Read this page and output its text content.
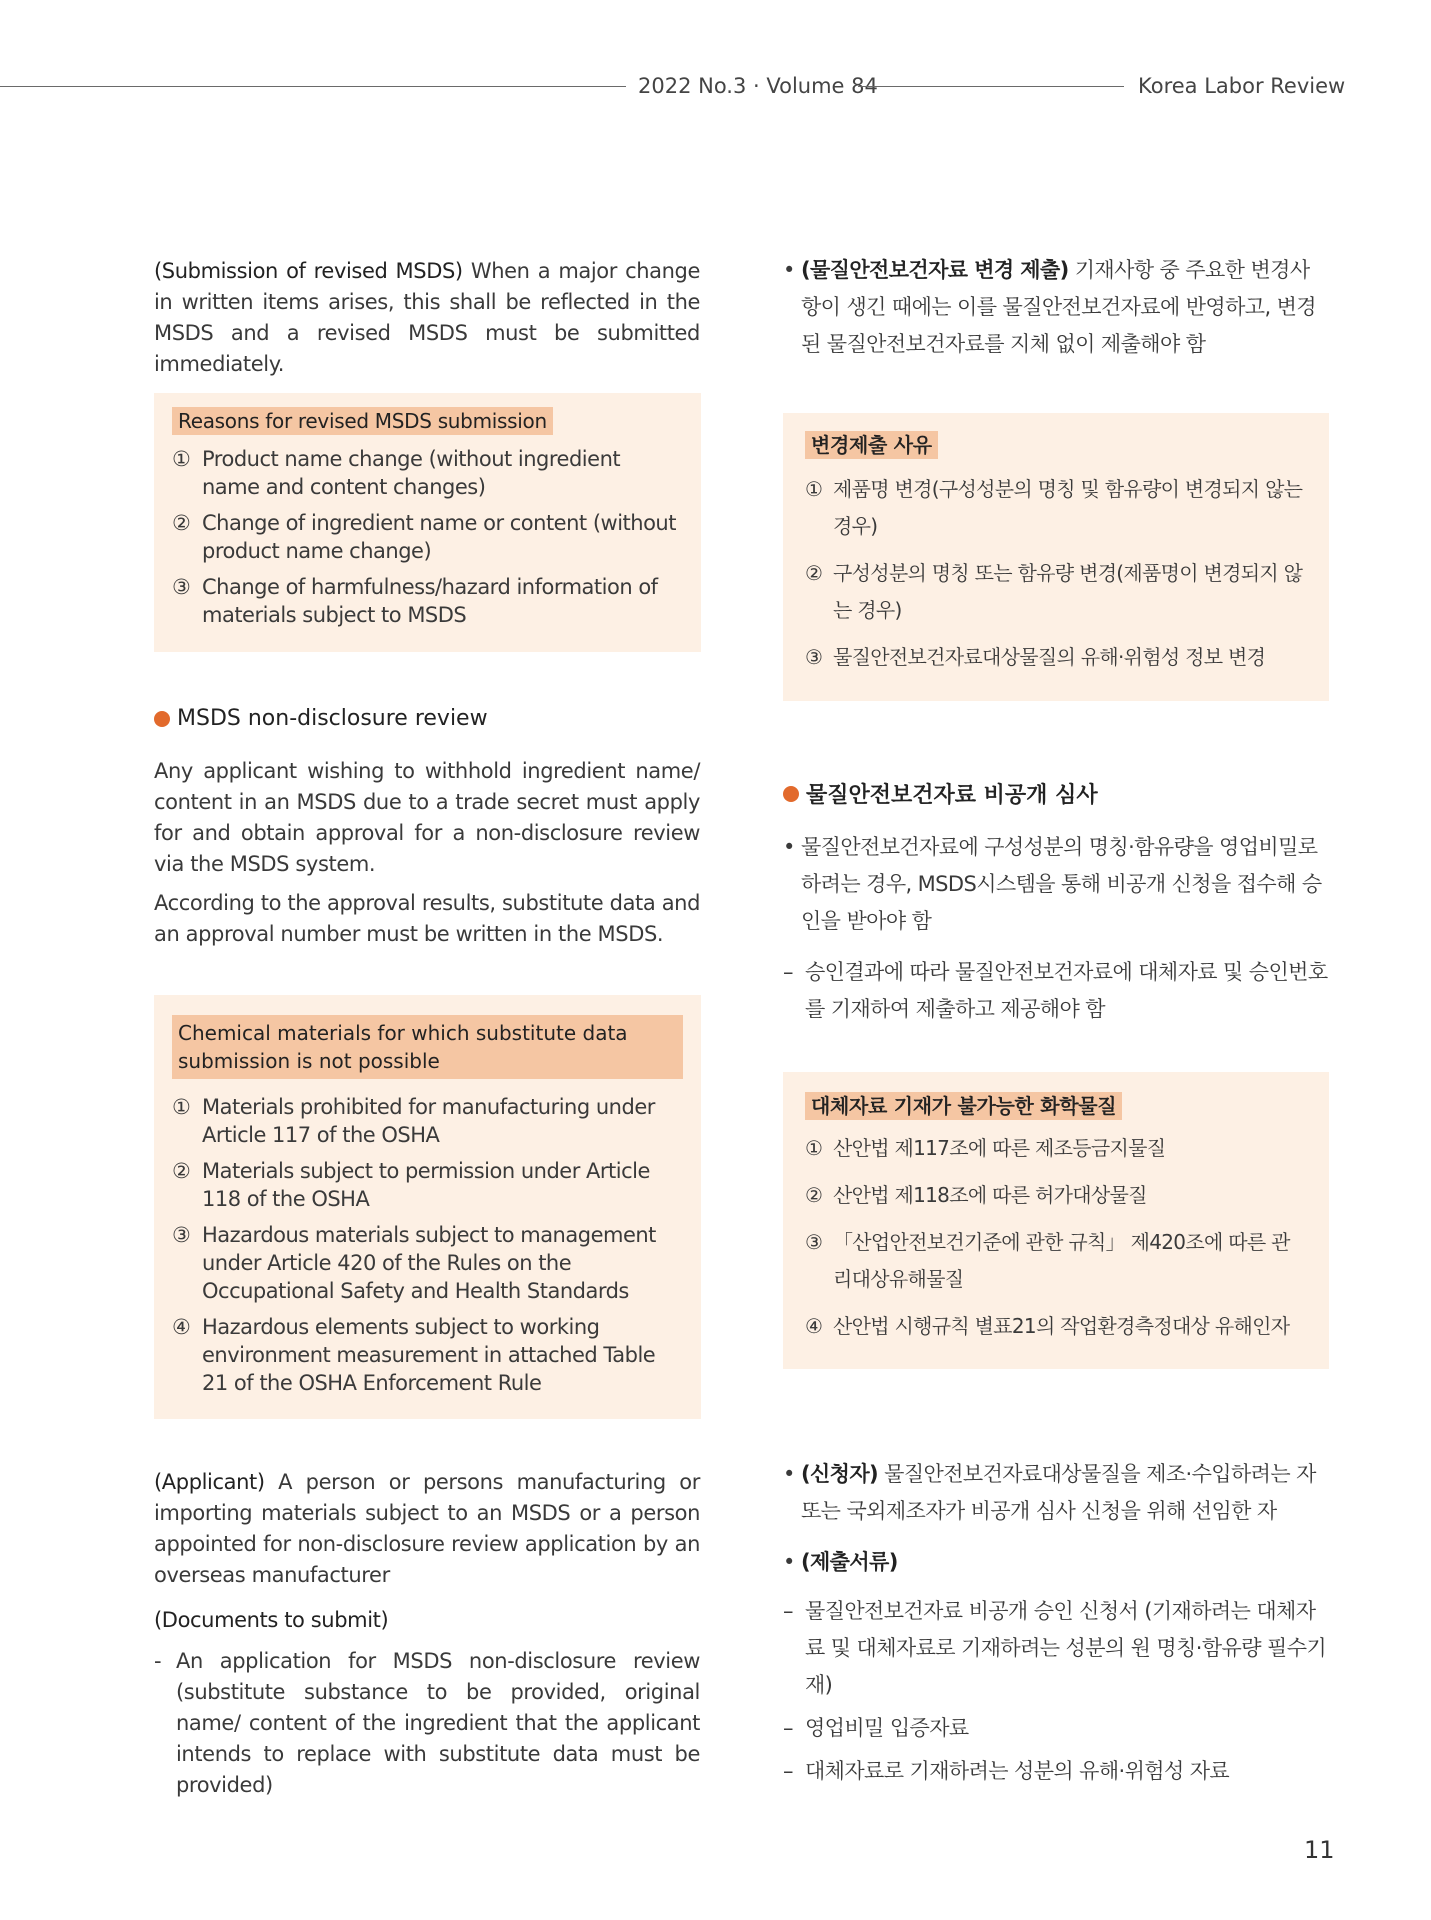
2022 No.3 · Volume 84	Korea Labor Review

(Submission of revised MSDS) When a major change in written items arises, this shall be reflected in the MSDS and a revised MSDS must be submitted immediately.

Reasons for revised MSDS submission
① Product name change (without ingredient name and content changes)
② Change of ingredient name or content (without product name change)
③ Change of harmfulness/hazard information of materials subject to MSDS
MSDS non-disclosure review

Any applicant wishing to withhold ingredient name/ content in an MSDS due to a trade secret must apply for and obtain approval for a non-disclosure review via the MSDS system.

According to the approval results, substitute data and an approval number must be written in the MSDS.

Chemical materials for which substitute data submission is not possible
① Materials prohibited for manufacturing under Article 117 of the OSHA
② Materials subject to permission under Article 118 of the OSHA
③ Hazardous materials subject to management under Article 420 of the Rules on the Occupational Safety and Health Standards
④ Hazardous elements subject to working environment measurement in attached Table 21 of the OSHA Enforcement Rule

(Applicant) A person or persons manufacturing or importing materials subject to an MSDS or a person appointed for non-disclosure review application by an overseas manufacturer

(Documents to submit)

- An application for MSDS non-disclosure review (substitute substance to be provided, original name/ content of the ingredient that the applicant intends to replace with substitute data must be provided)
• (물질안전보건자료 변경 제출) 기재사항 중 주요한 변경사항이 생긴 때에는 이를 물질안전보건자료에 반영하고, 변경된 물질안전보건자료를 지체 없이 제출해야 함
변경제출 사유
① 제품명 변경(구성성분의 명칭 및 함유량이 변경되지 않는 경우)
② 구성성분의 명칭 또는 함유량 변경(제품명이 변경되지 않는 경우)
③ 물질안전보건자료대상물질의 유해·위험성 정보 변경
물질안전보건자료 비공개 심사
• 물질안전보건자료에 구성성분의 명칭·함유량을 영업비밀로 하려는 경우, MSDS시스템을 통해 비공개 신청을 접수해 승인을 받아야 함
– 승인결과에 따라 물질안전보건자료에 대체자료 및 승인번호를 기재하여 제출하고 제공해야 함
대체자료 기재가 불가능한 화학물질
① 산안법 제117조에 따른 제조등금지물질
② 산안법 제118조에 따른 허가대상물질
③ 「산업안전보건기준에 관한 규칙」 제420조에 따른 관리대상유해물질
④ 산안법 시행규칙 별표21의 작업환경측정대상 유해인자
• (신청자) 물질안전보건자료대상물질을 제조·수입하려는 자 또는 국외제조자가 비공개 심사 신청을 위해 선임한 자
• (제출서류)
– 물질안전보건자료 비공개 승인 신청서 (기재하려는 대체자료 및 대체자료로 기재하려는 성분의 원 명칭·함유량 필수기재)
– 영업비밀 입증자료
– 대체자료로 기재하려는 성분의 유해·위험성 자료
11
